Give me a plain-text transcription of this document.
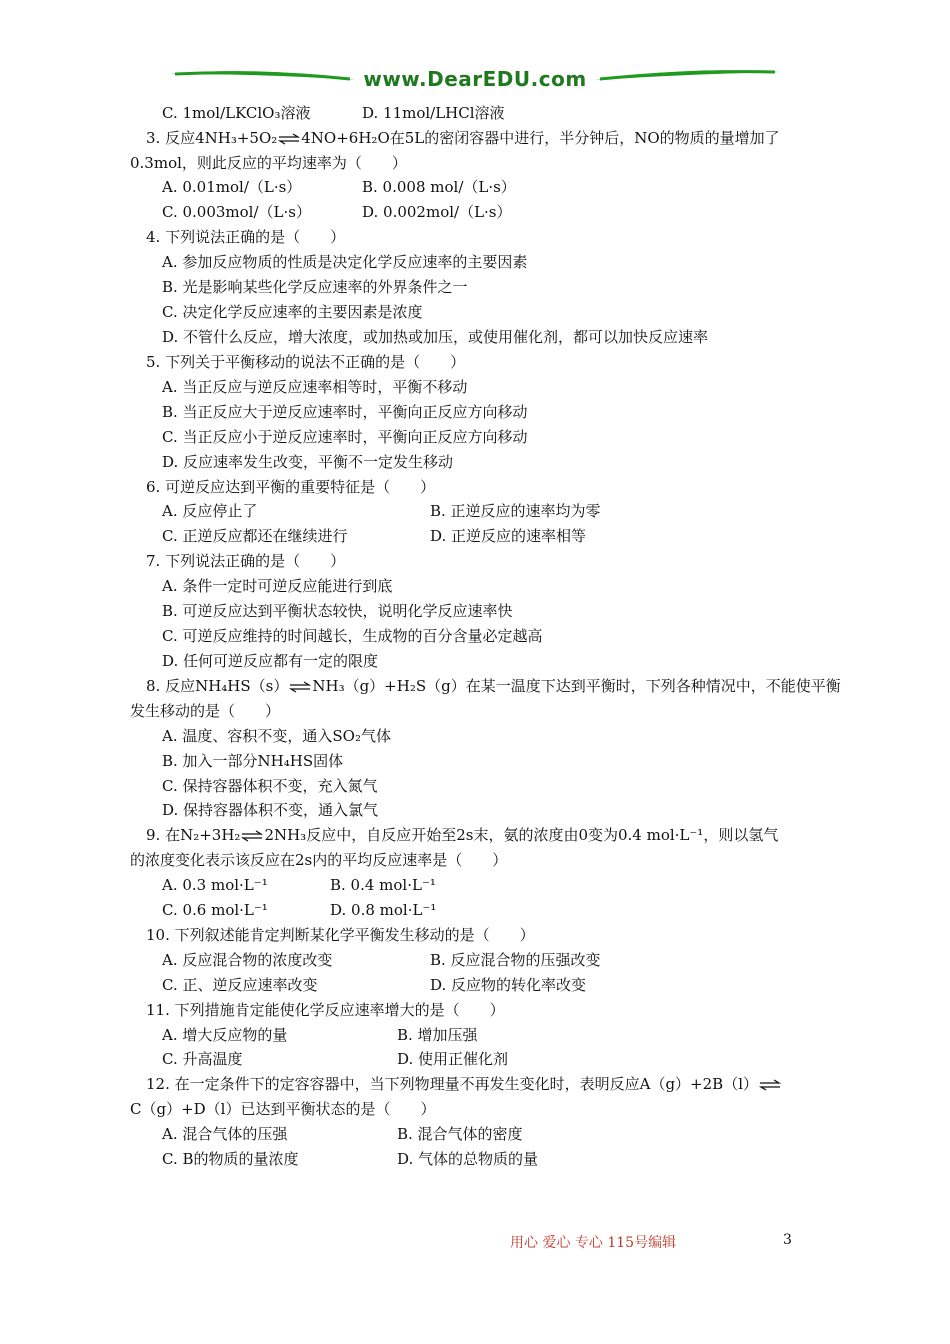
www.DearEDU.com
C. 1mol/LKClO₃溶液	D. 11mol/LHCl溶液
3. 反应4NH₃+5O₂⇌4NO+6H₂O在5L的密闭容器中进行，半分钟后，NO的物质的量增加了
0.3mol，则此反应的平均速率为（　　）
A. 0.01mol/（L·s）	B. 0.008 mol/（L·s）
C. 0.003mol/（L·s）	D. 0.002mol/（L·s）
4. 下列说法正确的是（　　）
A. 参加反应物质的性质是决定化学反应速率的主要因素
B. 光是影响某些化学反应速率的外界条件之一
C. 决定化学反应速率的主要因素是浓度
D. 不管什么反应，增大浓度，或加热或加压，或使用催化剂，都可以加快反应速率
5. 下列关于平衡移动的说法不正确的是（　　）
A. 当正反应与逆反应速率相等时，平衡不移动
B. 当正反应大于逆反应速率时，平衡向正反应方向移动
C. 当正反应小于逆反应速率时，平衡向正反应方向移动
D. 反应速率发生改变，平衡不一定发生移动
6. 可逆反应达到平衡的重要特征是（　　）
A. 反应停止了	B. 正逆反应的速率均为零
C. 正逆反应都还在继续进行	D. 正逆反应的速率相等
7. 下列说法正确的是（　　）
A. 条件一定时可逆反应能进行到底
B. 可逆反应达到平衡状态较快，说明化学反应速率快
C. 可逆反应维持的时间越长，生成物的百分含量必定越高
D. 任何可逆反应都有一定的限度
8. 反应NH₄HS（s）⇌NH₃（g）+H₂S（g）在某一温度下达到平衡时，下列各种情况中，不能使平衡
发生移动的是（　　）
A. 温度、容积不变，通入SO₂气体
B. 加入一部分NH₄HS固体
C. 保持容器体积不变，充入氮气
D. 保持容器体积不变，通入氯气
9. 在N₂+3H₂⇌2NH₃反应中，自反应开始至2s末，氨的浓度由0变为0.4 mol·L⁻¹，则以氢气
的浓度变化表示该反应在2s内的平均反应速率是（　　）
A. 0.3 mol·L⁻¹	B. 0.4 mol·L⁻¹
C. 0.6 mol·L⁻¹	D. 0.8 mol·L⁻¹
10. 下列叙述能肯定判断某化学平衡发生移动的是（　　）
A. 反应混合物的浓度改变	B. 反应混合物的压强改变
C. 正、逆反应速率改变	D. 反应物的转化率改变
11. 下列措施肯定能使化学反应速率增大的是（　　）
A. 增大反应物的量	B. 增加压强
C. 升高温度	D. 使用正催化剂
12. 在一定条件下的定容容器中，当下列物理量不再发生变化时，表明反应A（g）+2B（l）⇌
C（g）+D（l）已达到平衡状态的是（　　）
A. 混合气体的压强	B. 混合气体的密度
C. B的物质的量浓度	D. 气体的总物质的量
用心 爱心 专心 115号编辑	3
